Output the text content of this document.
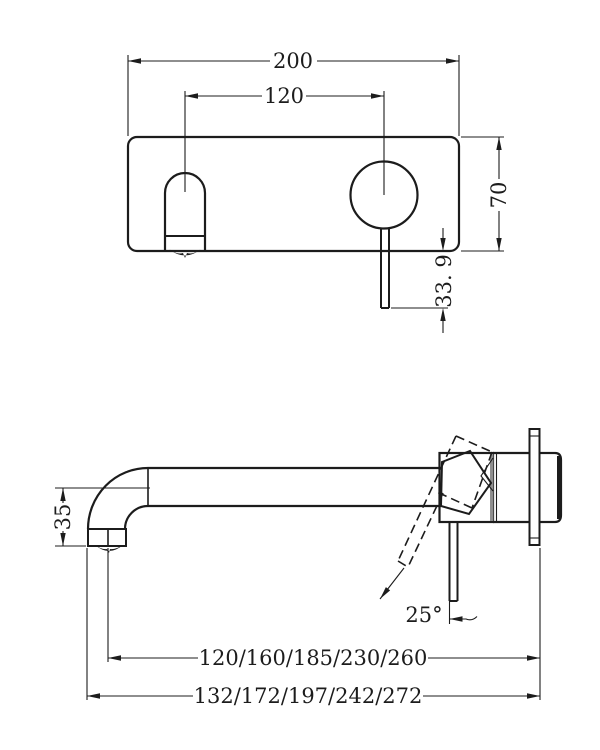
200
120
70
33. 9
35
25°
120/160/185/230/260
132/172/197/242/272
